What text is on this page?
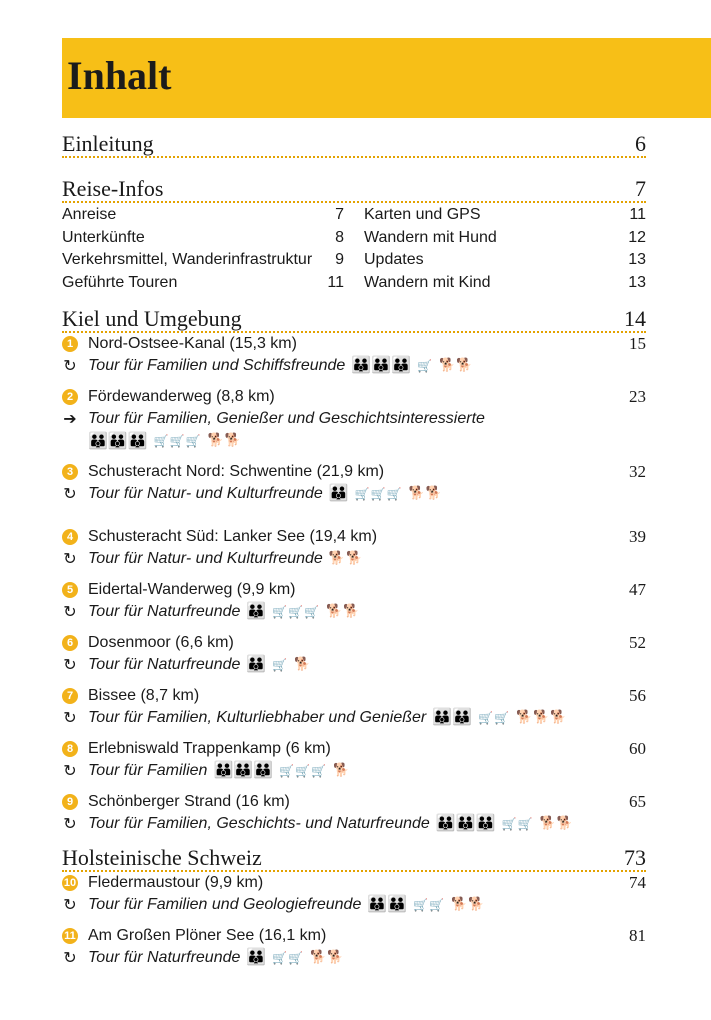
Inhalt
Einleitung	6
Reise-Infos	7
Anreise	7
Unterkünfte	8
Verkehrsmittel, Wanderinfrastruktur 9
Geführte Touren	11
Karten und GPS	11
Wandern mit Hund	12
Updates	13
Wandern mit Kind	13
Kiel und Umgebung	14
1 Nord-Ostsee-Kanal (15,3 km)	15
↻ Tour für Familien und Schiffsfreunde 👪 👪 👪 🛒 🐕 🐕
2 Fördewanderweg (8,8 km)	23
➔ Tour für Familien, Genießer und Geschichtsinteressierte
👪 👪 👪 🛒 🛒 🛒 🐕 🐕
3 Schusteracht Nord: Schwentine (21,9 km)	32
↻ Tour für Natur- und Kulturfreunde 👪 🛒 🛒 🛒 🐕 🐕
4 Schusteracht Süd: Lanker See (19,4 km)	39
↻ Tour für Natur- und Kulturfreunde 🐕 🐕
5 Eidertal-Wanderweg (9,9 km)	47
↻ Tour für Naturfreunde 👪 🛒 🛒 🛒 🐕 🐕
6 Dosenmoor (6,6 km)	52
↻ Tour für Naturfreunde 👪 🛒 🐕
7 Bissee (8,7 km)	56
↻ Tour für Familien, Kulturliebhaber und Genießer 👪 👪 🛒 🛒 🐕 🐕 🐕
8 Erlebniswald Trappenkamp (6 km)	60
↻ Tour für Familien 👪 👪 👪 🛒 🛒 🛒 🐕
9 Schönberger Strand (16 km)	65
↻ Tour für Familien, Geschichts- und Naturfreunde 👪 👪 👪 🛒 🛒 🐕 🐕
Holsteinische Schweiz	73
10 Fledermaustour (9,9 km)	74
↻ Tour für Familien und Geologiefreunde 👪 👪 🛒 🛒 🐕 🐕
11 Am Großen Plöner See (16,1 km)	81
↻ Tour für Naturfreunde 👪 🛒 🛒 🐕 🐕
